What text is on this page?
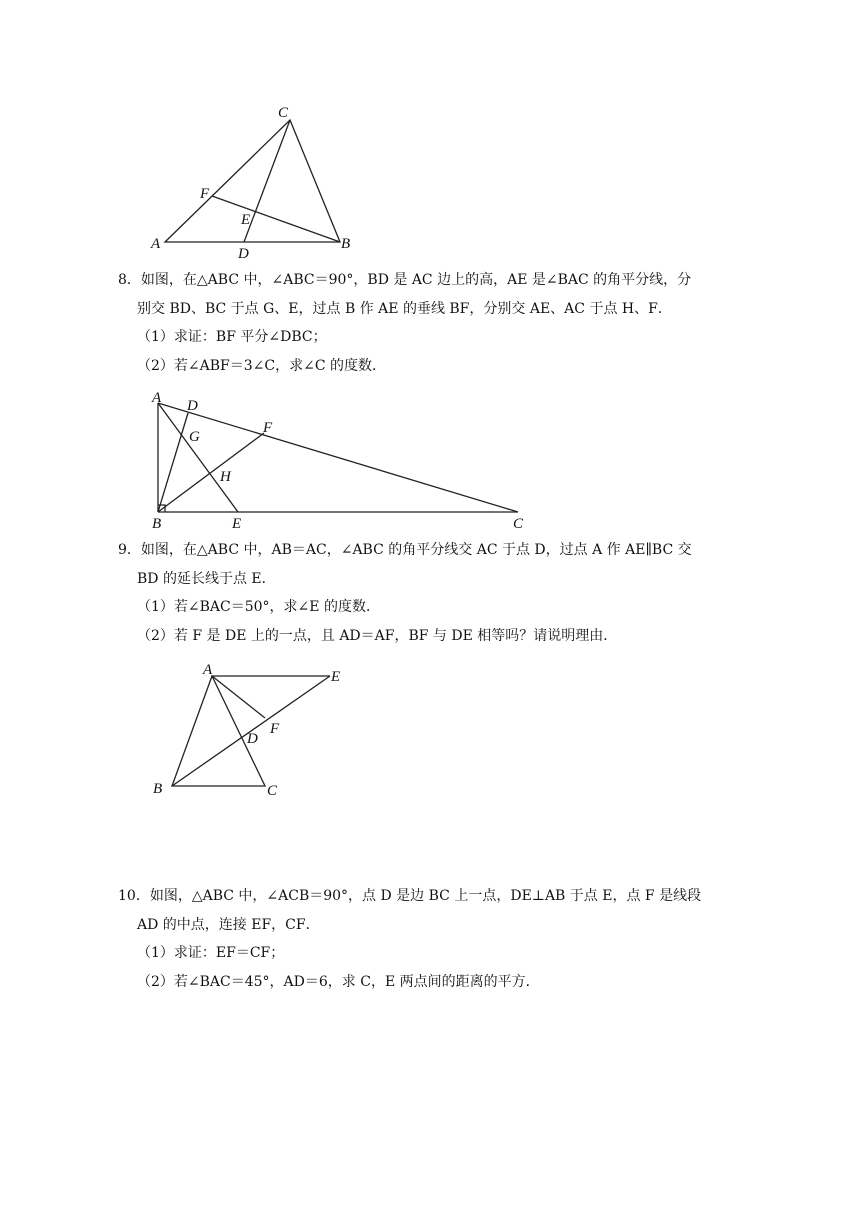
C
F
E
A
D
B
8．如图，在△ABC 中，∠ABC＝90°，BD 是 AC 边上的高，AE 是∠BAC 的角平分线，分
别交 BD、BC 于点 G、E，过点 B 作 AE 的垂线 BF，分别交 AE、AC 于点 H、F．
（1）求证：BF 平分∠DBC；
（2）若∠ABF＝3∠C，求∠C 的度数．
A D
G
F
H
B	E	C
9．如图，在△ABC 中，AB＝AC，∠ABC 的角平分线交 AC 于点 D，过点 A 作 AE∥BC 交
BD 的延长线于点 E．
（1）若∠BAC＝50°，求∠E 的度数．
（2）若 F 是 DE 上的一点，且 AD＝AF，BF 与 DE 相等吗？请说明理由．
A	E
F
D
B	C
10．如图，△ABC 中，∠ACB＝90°，点 D 是边 BC 上一点，DE⊥AB 于点 E，点 F 是线段
AD 的中点，连接 EF，CF．
（1）求证：EF＝CF；
（2）若∠BAC＝45°，AD＝6，求 C，E 两点间的距离的平方．
